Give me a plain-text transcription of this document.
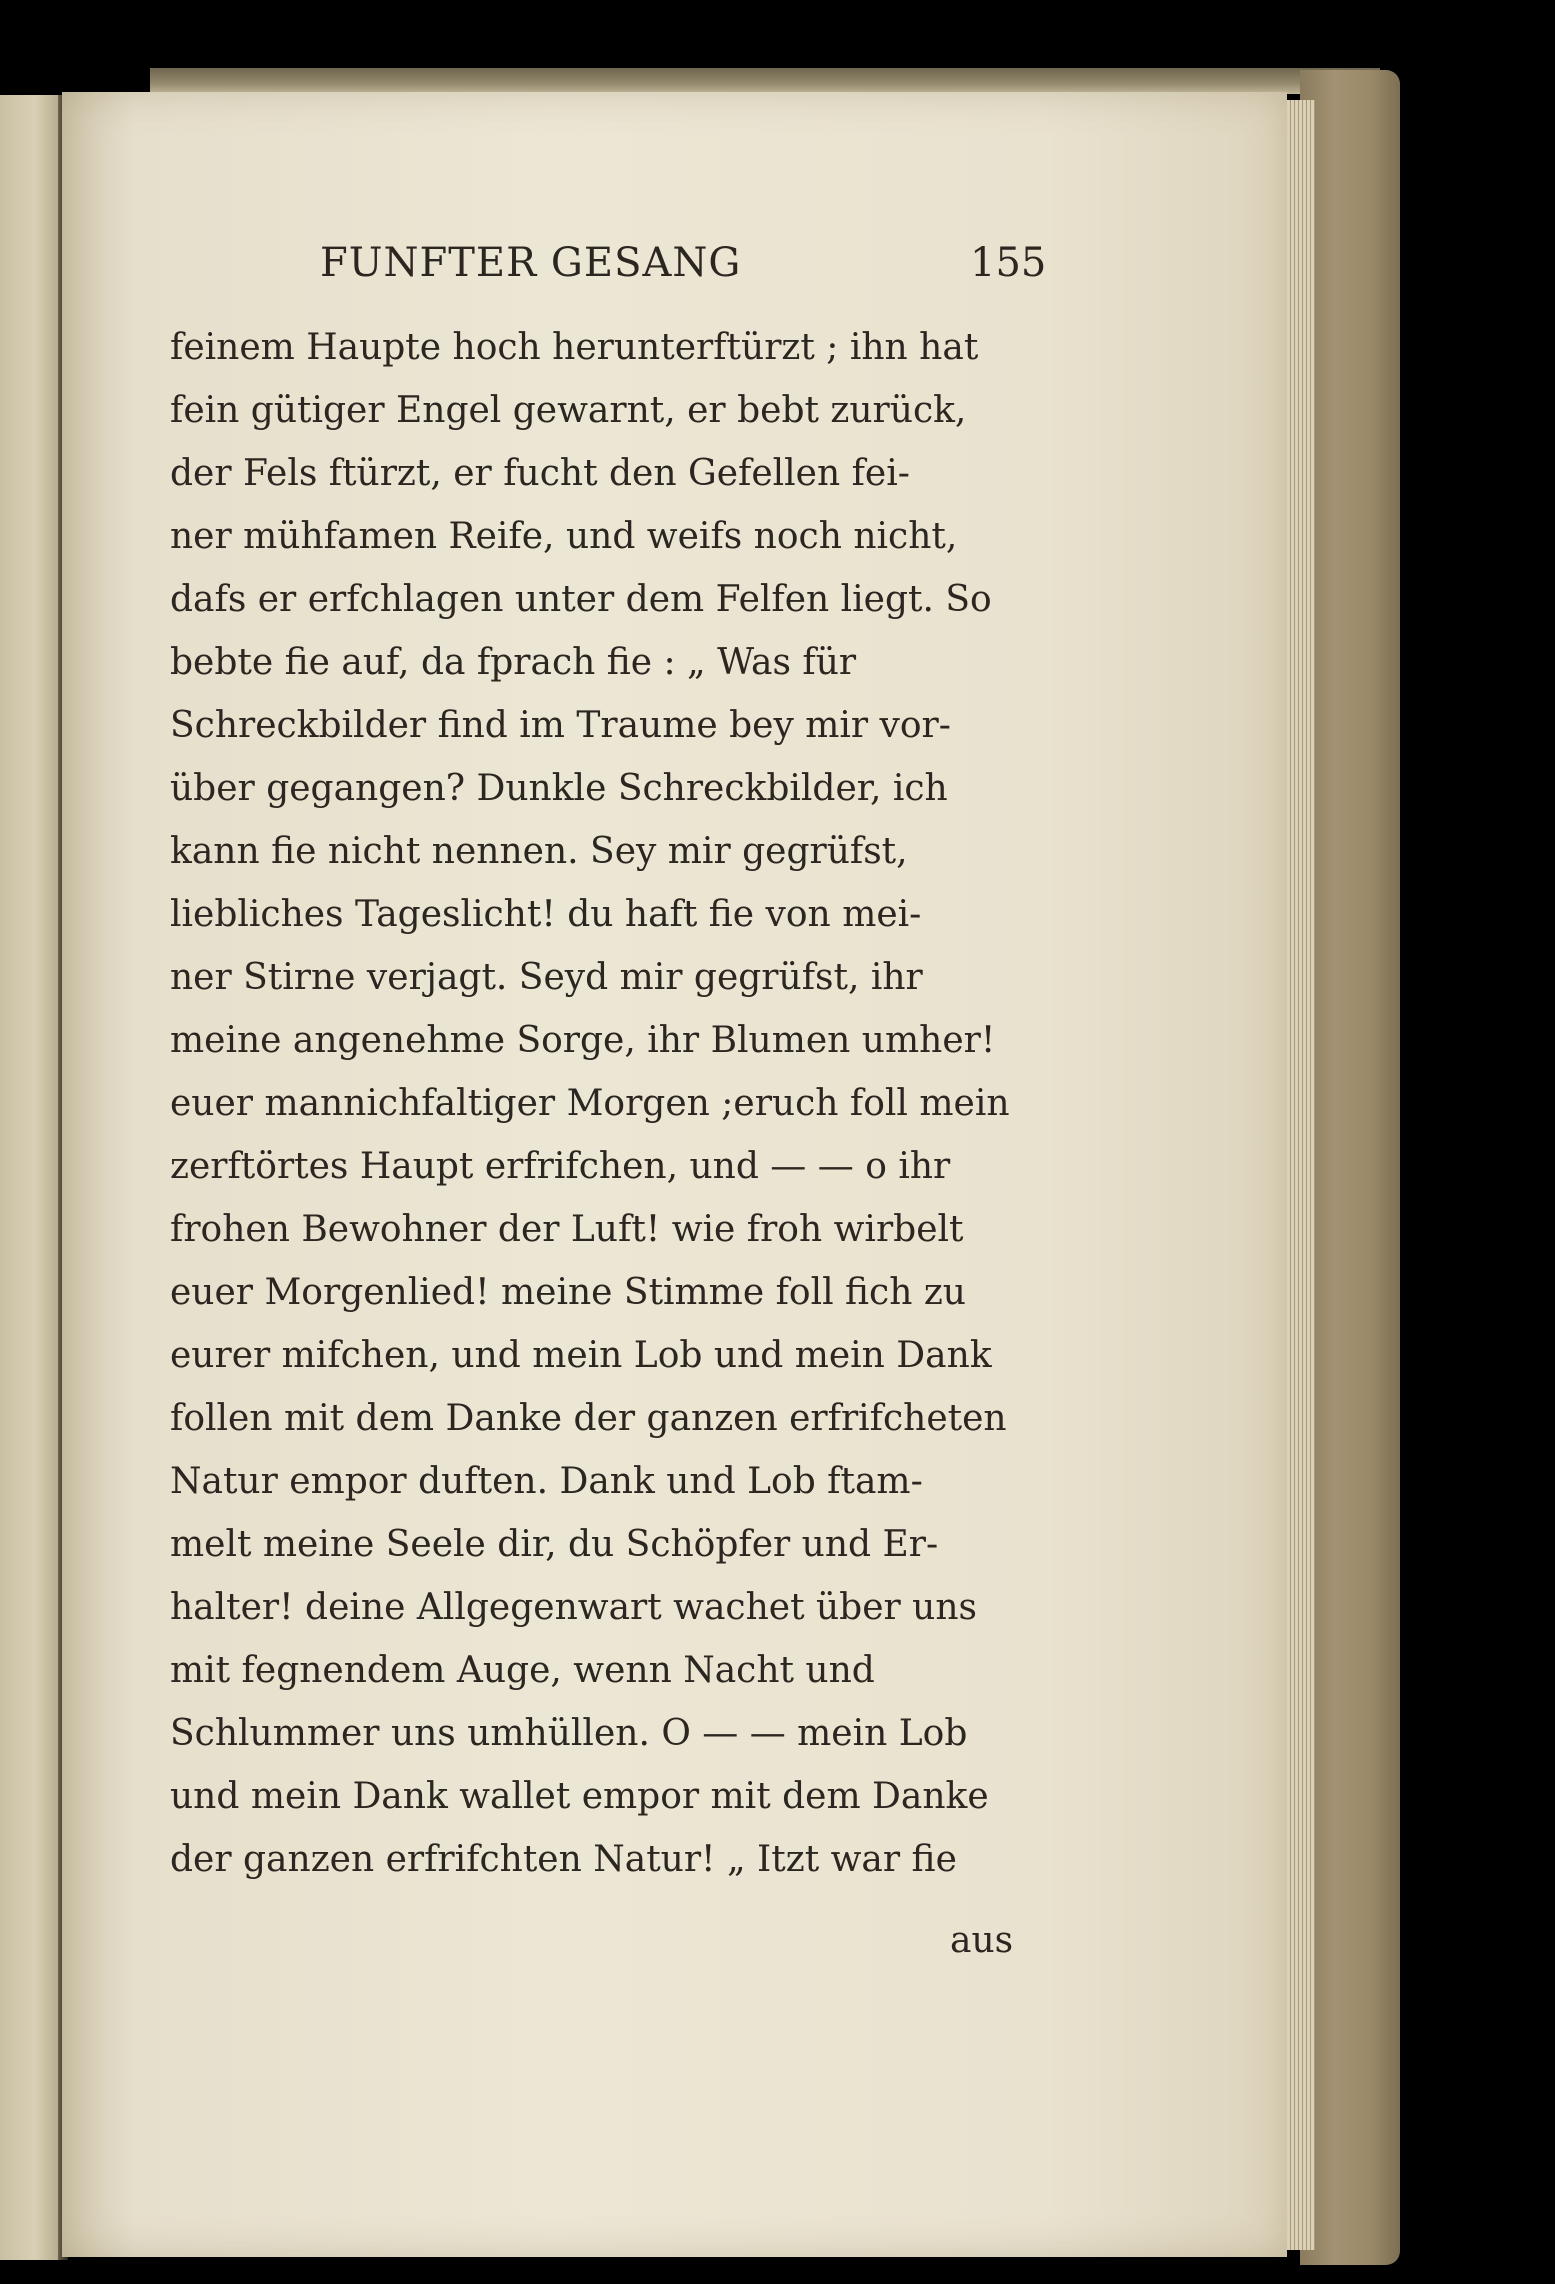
FUNFTER GESANG	155
feinem Haupte hoch herunterftürzt ; ihn hat
fein gütiger Engel gewarnt, er bebt zurück,
der Fels ftürzt, er fucht den Gefellen fei-
ner mühfamen Reife, und weifs noch nicht,
dafs er erfchlagen unter dem Felfen liegt. So
bebte fie auf, da fprach fie : „ Was für
Schreckbilder find im Traume bey mir vor-
über gegangen? Dunkle Schreckbilder, ich
kann fie nicht nennen. Sey mir gegrüfst,
liebliches Tageslicht! du haft fie von mei-
ner Stirne verjagt. Seyd mir gegrüfst, ihr
meine angenehme Sorge, ihr Blumen umher!
euer mannichfaltiger Morgen ;eruch foll mein
zerftörtes Haupt erfrifchen, und — — o ihr
frohen Bewohner der Luft! wie froh wirbelt
euer Morgenlied! meine Stimme foll fich zu
eurer mifchen, und mein Lob und mein Dank
follen mit dem Danke der ganzen erfrifcheten
Natur empor duften. Dank und Lob ftam-
melt meine Seele dir, du Schöpfer und Er-
halter! deine Allgegenwart wachet über uns
mit fegnendem Auge, wenn Nacht und
Schlummer uns umhüllen. O — — mein Lob
und mein Dank wallet empor mit dem Danke
der ganzen erfrifchten Natur! „ Itzt war fie
aus
